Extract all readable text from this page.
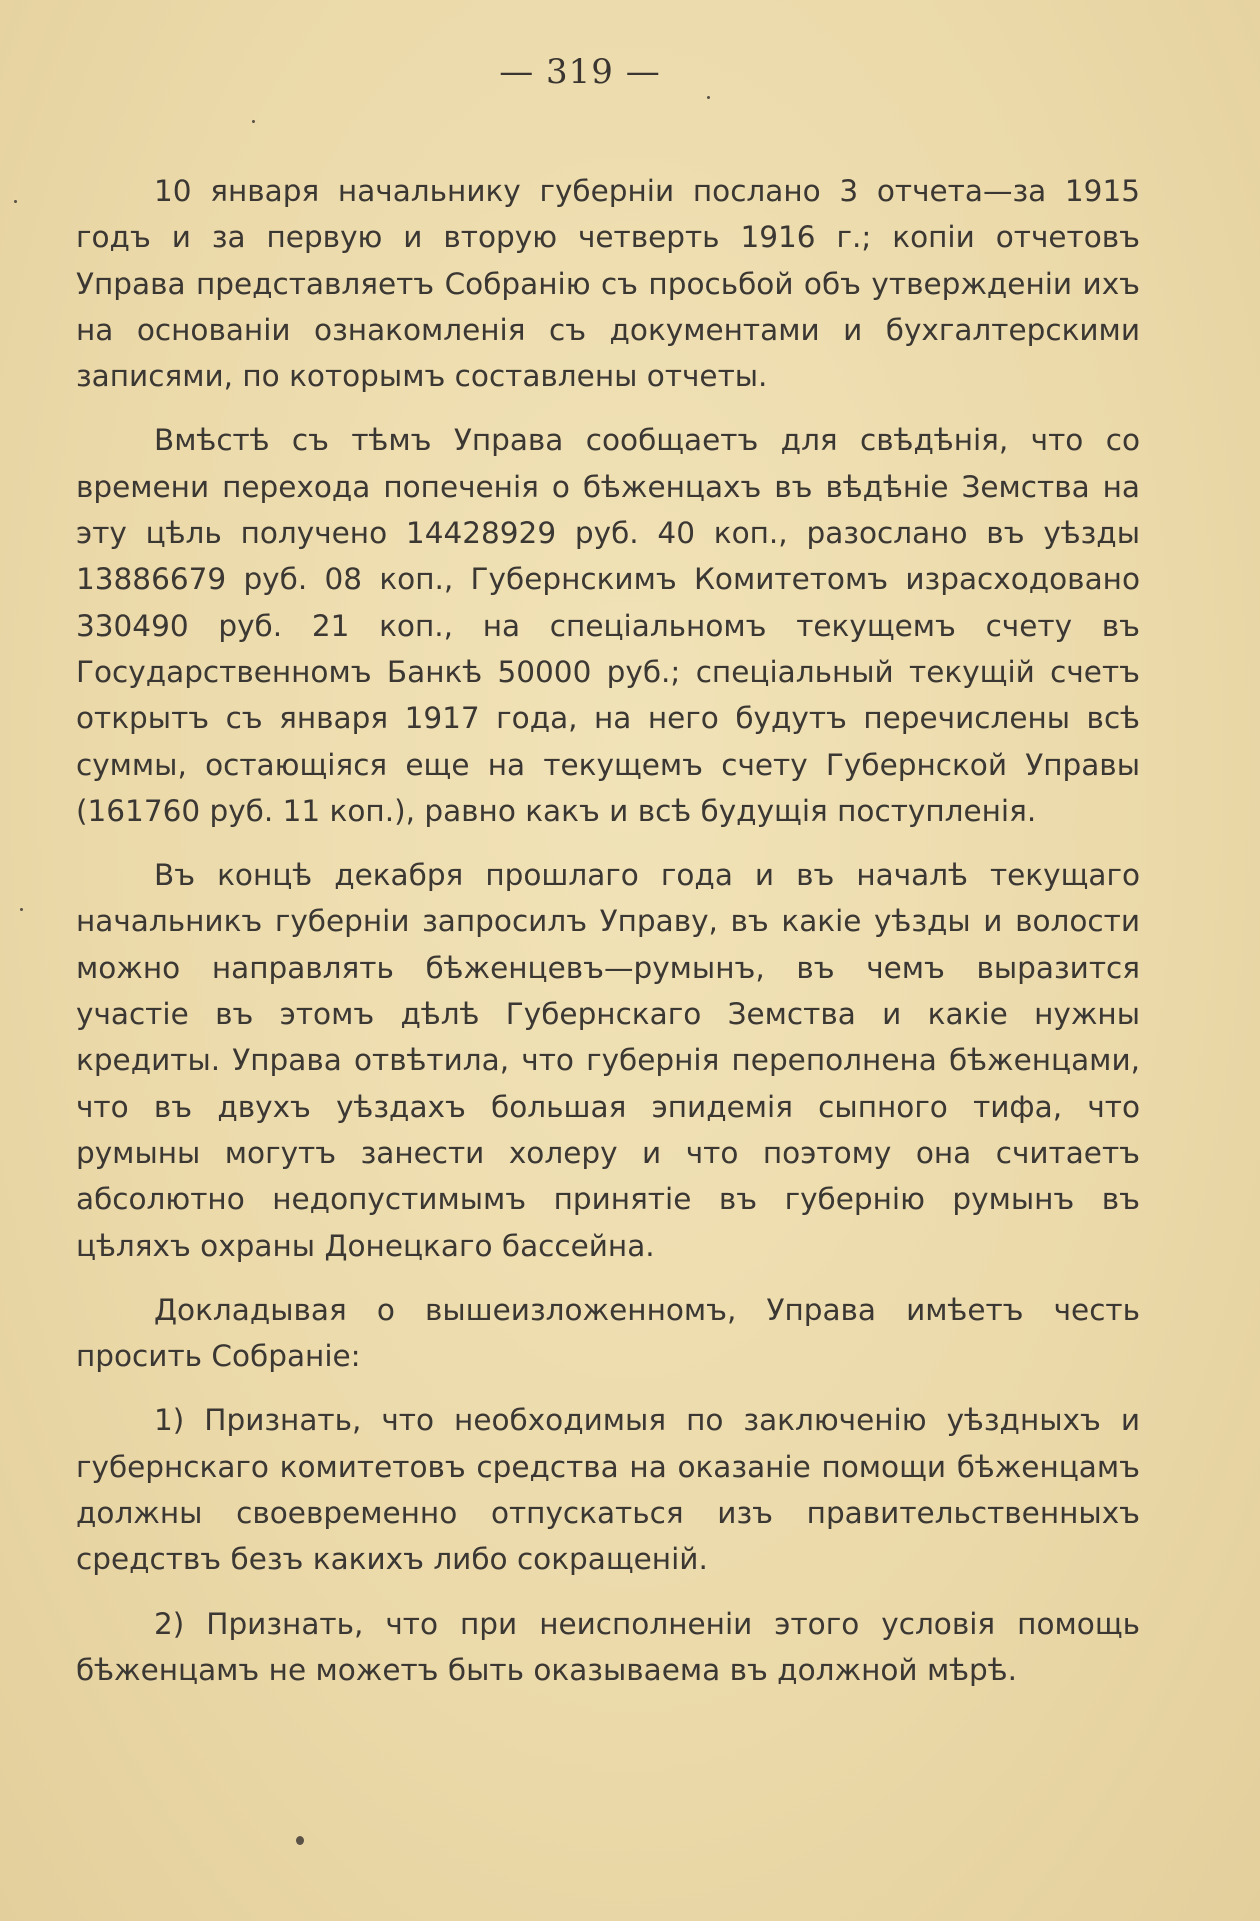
— 319 —

10 января начальнику губерніи послано 3 отчета—за 1915 годъ и за первую и вторую четверть 1916 г.; копіи отчетовъ Управа представляетъ Собранію съ просьбой объ утвержденіи ихъ на основаніи ознакомленія съ документами и бухгалтерскими записями, по которымъ составлены отчеты.

Вмѣстѣ съ тѣмъ Управа сообщаетъ для свѣдѣнія, что со времени перехода попеченія о бѣженцахъ въ вѣдѣніе Земства на эту цѣль получено 14428929 руб. 40 коп., разослано въ уѣзды 13886679 руб. 08 коп., Губернскимъ Комитетомъ израсходовано 330490 руб. 21 коп., на спеціальномъ текущемъ счету въ Государственномъ Банкѣ 50000 руб.; спеціальный текущій счетъ открытъ съ января 1917 года, на него будутъ перечислены всѣ суммы, остающіяся еще на текущемъ счету Губернской Управы (161760 руб. 11 коп.), равно какъ и всѣ будущія поступленія.

Въ концѣ декабря прошлаго года и въ началѣ текущаго начальникъ губерніи запросилъ Управу, въ какіе уѣзды и волости можно направлять бѣженцевъ—румынъ, въ чемъ выразится участіе въ этомъ дѣлѣ Губернскаго Земства и какіе нужны кредиты. Управа отвѣтила, что губернія переполнена бѣженцами, что въ двухъ уѣздахъ большая эпидемія сыпного тифа, что румыны могутъ занести холеру и что поэтому она считаетъ абсолютно недопустимымъ принятіе въ губернію румынъ въ цѣляхъ охраны Донецкаго бассейна.

Докладывая о вышеизложенномъ, Управа имѣетъ честь просить Собраніе:

1) Признать, что необходимыя по заключенію уѣздныхъ и губернскаго комитетовъ средства на оказаніе помощи бѣженцамъ должны своевременно отпускаться изъ правительственныхъ средствъ безъ какихъ либо сокращеній.

2) Признать, что при неисполненіи этого условія помощь бѣженцамъ не можетъ быть оказываема въ должной мѣрѣ.
